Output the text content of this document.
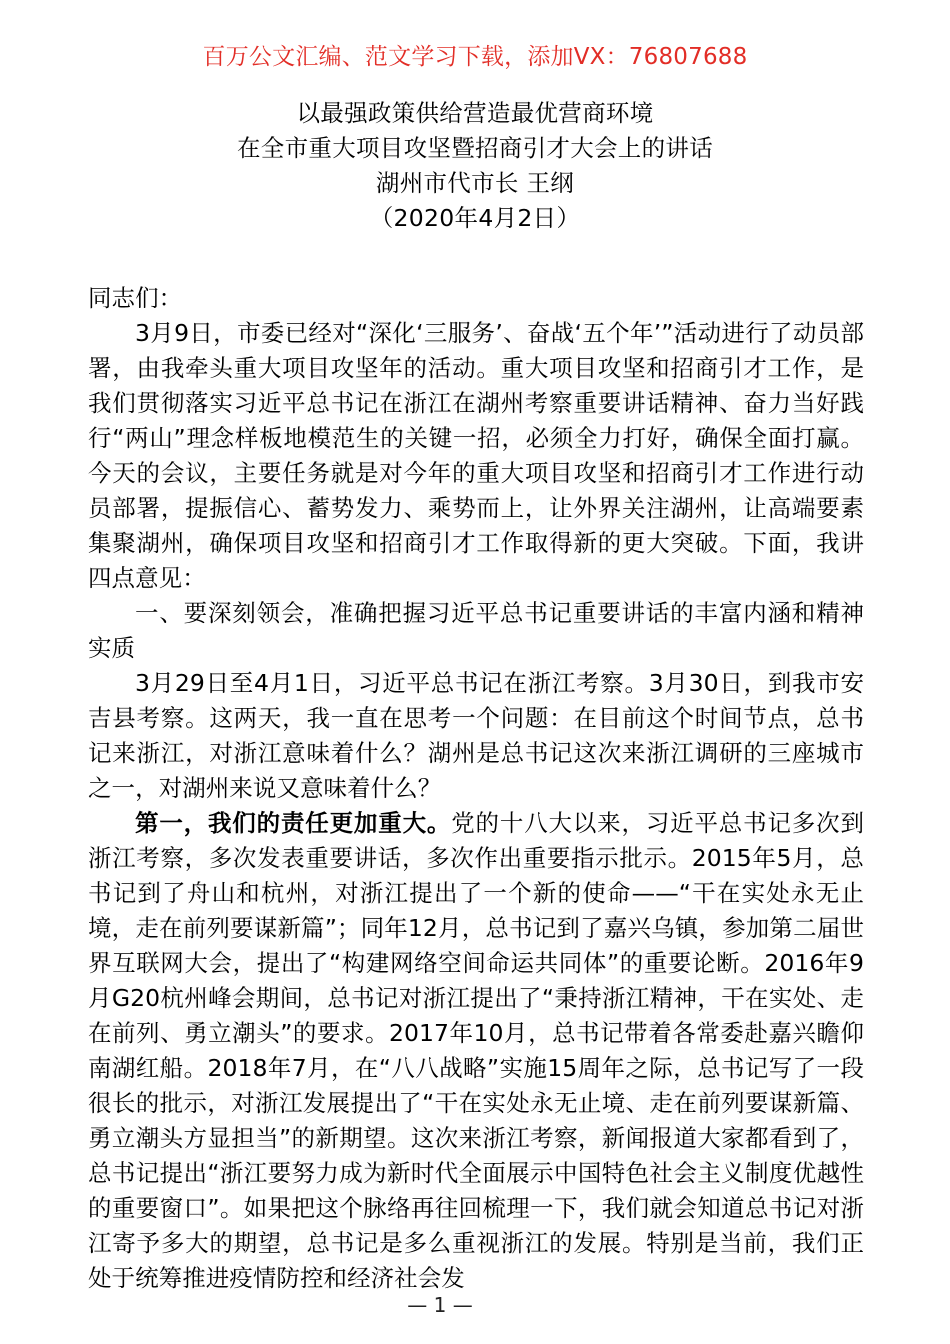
百万公文汇编、范文学习下载，添加VX：76807688
以最强政策供给营造最优营商环境
在全市重大项目攻坚暨招商引才大会上的讲话
湖州市代市长 王纲
（2020年4月2日）

同志们：

3月9日，市委已经对“深化‘三服务’、奋战‘五个年’”活动进行了动员部署，由我牵头重大项目攻坚年的活动。重大项目攻坚和招商引才工作，是我们贯彻落实习近平总书记在浙江在湖州考察重要讲话精神、奋力当好践行“两山”理念样板地模范生的关键一招，必须全力打好，确保全面打赢。今天的会议，主要任务就是对今年的重大项目攻坚和招商引才工作进行动员部署，提振信心、蓄势发力、乘势而上，让外界关注湖州，让高端要素集聚湖州，确保项目攻坚和招商引才工作取得新的更大突破。下面，我讲四点意见：

一、要深刻领会，准确把握习近平总书记重要讲话的丰富内涵和精神实质

3月29日至4月1日，习近平总书记在浙江考察。3月30日，到我市安吉县考察。这两天，我一直在思考一个问题：在目前这个时间节点，总书记来浙江，对浙江意味着什么？湖州是总书记这次来浙江调研的三座城市之一，对湖州来说又意味着什么？

第一，我们的责任更加重大。党的十八大以来，习近平总书记多次到浙江考察，多次发表重要讲话，多次作出重要指示批示。2015年5月，总书记到了舟山和杭州，对浙江提出了一个新的使命——“干在实处永无止境，走在前列要谋新篇”；同年12月，总书记到了嘉兴乌镇，参加第二届世界互联网大会，提出了“构建网络空间命运共同体”的重要论断。2016年9月G20杭州峰会期间，总书记对浙江提出了“秉持浙江精神，干在实处、走在前列、勇立潮头”的要求。2017年10月，总书记带着各常委赴嘉兴瞻仰南湖红船。2018年7月，在“八八战略”实施15周年之际，总书记写了一段很长的批示，对浙江发展提出了“干在实处永无止境、走在前列要谋新篇、勇立潮头方显担当”的新期望。这次来浙江考察，新闻报道大家都看到了，总书记提出“浙江要努力成为新时代全面展示中国特色社会主义制度优越性的重要窗口”。如果把这个脉络再往回梳理一下，我们就会知道总书记对浙江寄予多大的期望，总书记是多么重视浙江的发展。特别是当前，我们正处于统筹推进疫情防控和经济社会发

— 1 —
